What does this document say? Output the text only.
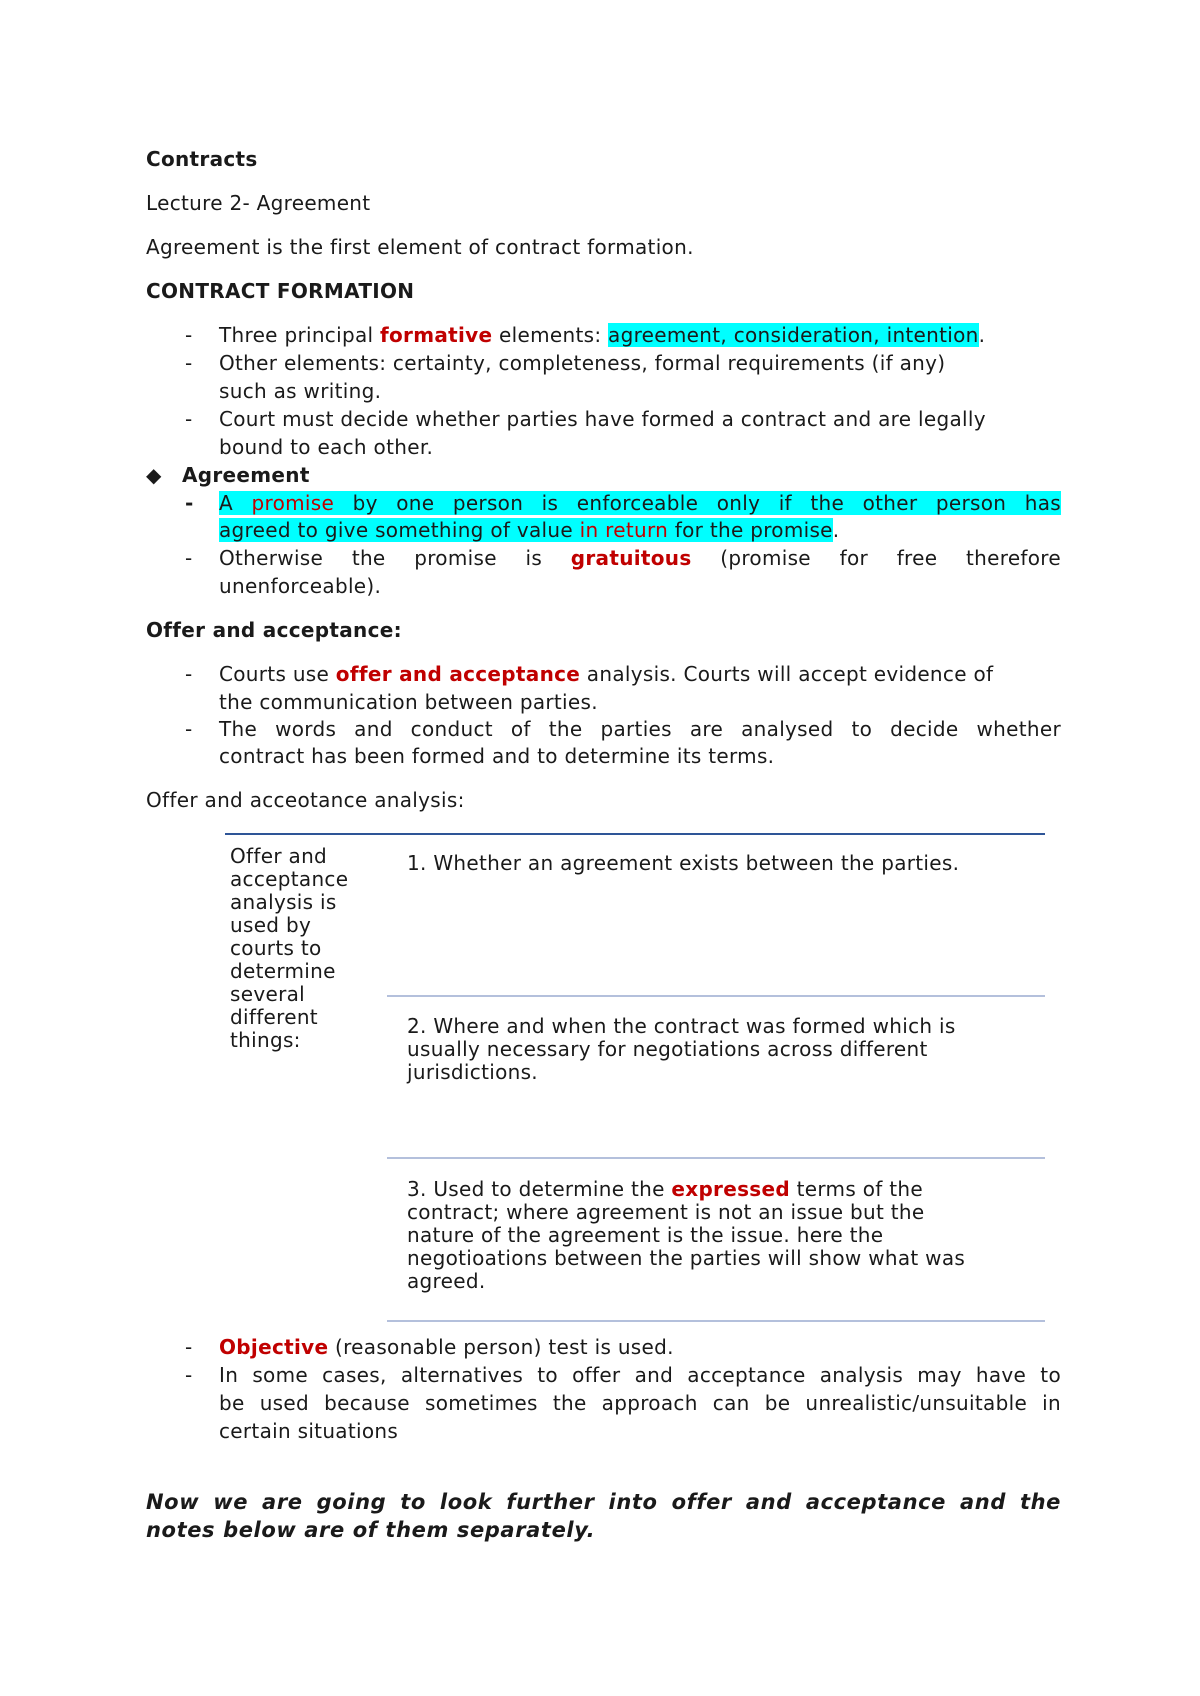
Contracts
Lecture 2- Agreement
Agreement is the first element of contract formation.
CONTRACT FORMATION
- Three principal formative elements: agreement, consideration, intention.
- Other elements: certainty, completeness, formal requirements (if any)
such as writing.
- Court must decide whether parties have formed a contract and are legally
bound to each other.
◆ Agreement
- A promise by one person is enforceable only if the other person has
agreed to give something of value in return for the promise.
- Otherwise the promise is gratuitous (promise for free therefore
unenforceable).
Offer and acceptance:
- Courts use offer and acceptance analysis. Courts will accept evidence of
the communication between parties.
- The words and conduct of the parties are analysed to decide whether
contract has been formed and to determine its terms.
Offer and acceotance analysis:
Offer and
acceptance
analysis is
used by
courts to
determine
several
different
things:
1. Whether an agreement exists between the parties.
2. Where and when the contract was formed which is
usually necessary for negotiations across different
jurisdictions.
3. Used to determine the expressed terms of the
contract; where agreement is not an issue but the
nature of the agreement is the issue. here the
negotioations between the parties will show what was
agreed.
- Objective (reasonable person) test is used.
- In some cases, alternatives to offer and acceptance analysis may have to
be used because sometimes the approach can be unrealistic/unsuitable in
certain situations
Now we are going to look further into offer and acceptance and the
notes below are of them separately.
